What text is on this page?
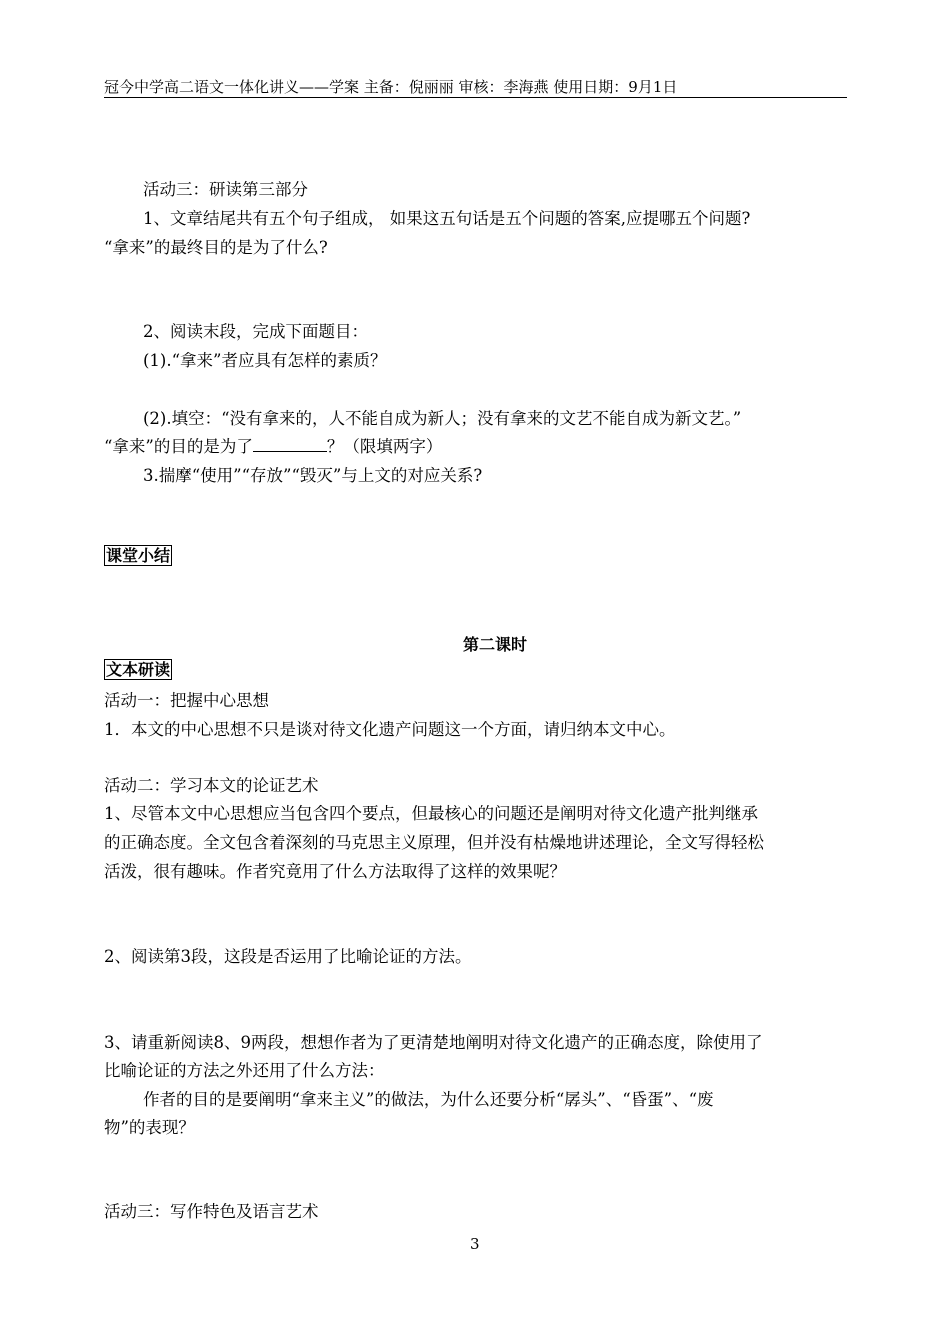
冠今中学高二语文一体化讲义——学案 主备：倪丽丽 审核：李海燕 使用日期：9月1日
活动三：研读第三部分
1、文章结尾共有五个句子组成， 如果这五句话是五个问题的答案,应提哪五个问题?
“拿来”的最终目的是为了什么?
2、阅读末段，完成下面题目：
(1).“拿来”者应具有怎样的素质？
(2).填空：“没有拿来的，人不能自成为新人；没有拿来的文艺不能自成为新文艺。”
“拿来”的目的是为了	？（限填两字）
3.揣摩“使用”“存放”“毁灭”与上文的对应关系?
课堂小结
第二课时
文本研读
活动一：把握中心思想
1．本文的中心思想不只是谈对待文化遗产问题这一个方面，请归纳本文中心。
活动二：学习本文的论证艺术
1、尽管本文中心思想应当包含四个要点，但最核心的问题还是阐明对待文化遗产批判继承
的正确态度。全文包含着深刻的马克思主义原理，但并没有枯燥地讲述理论，全文写得轻松
活泼，很有趣味。作者究竟用了什么方法取得了这样的效果呢？
2、阅读第3段，这段是否运用了比喻论证的方法。
3、请重新阅读8、9两段，想想作者为了更清楚地阐明对待文化遗产的正确态度，除使用了
比喻论证的方法之外还用了什么方法：
作者的目的是要阐明“拿来主义”的做法，为什么还要分析“孱头”、“昏蛋”、“废
物”的表现？
活动三：写作特色及语言艺术
3
